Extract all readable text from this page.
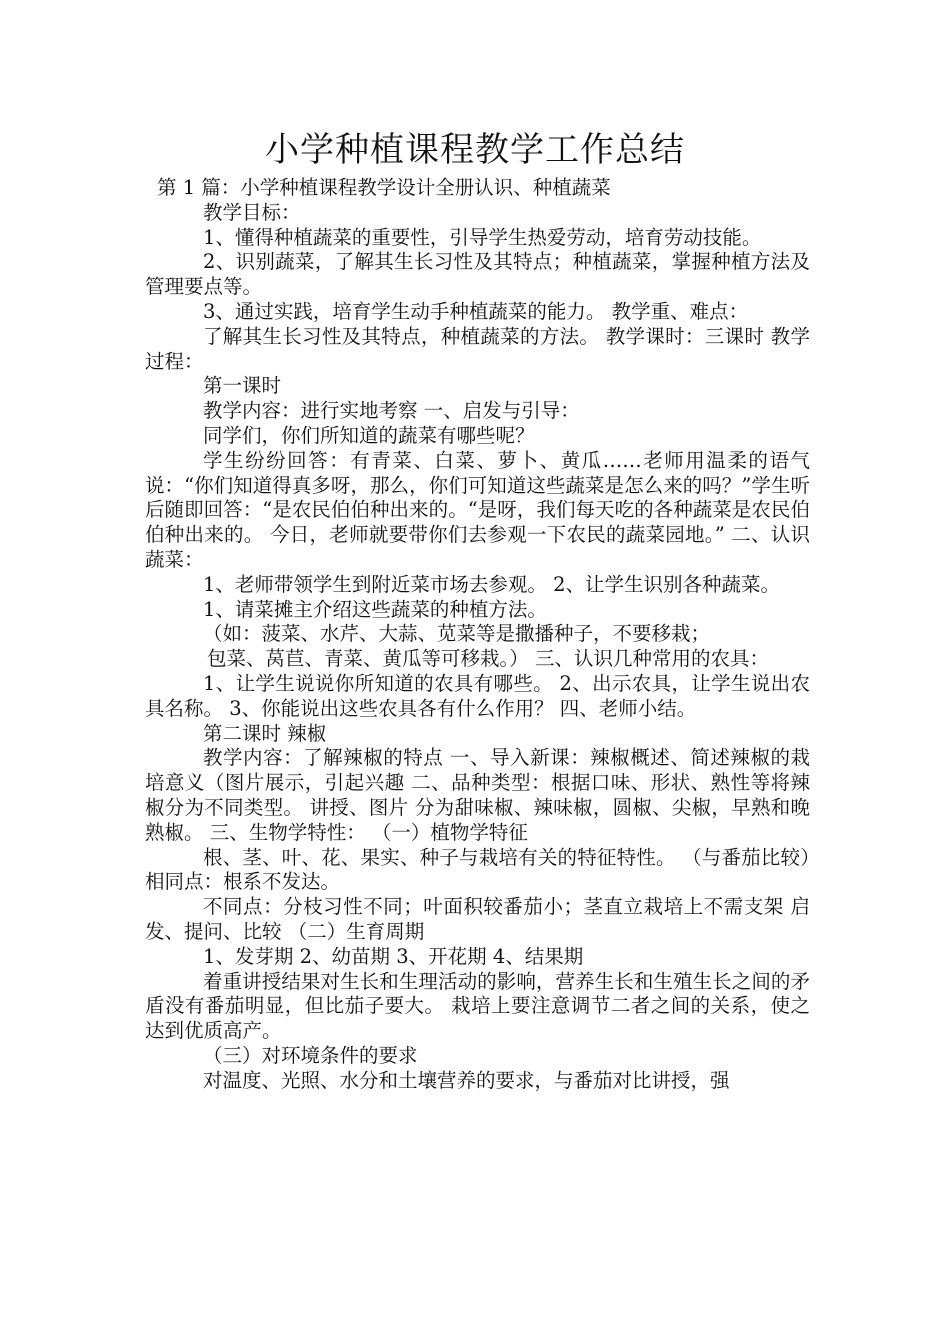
小学种植课程教学工作总结

第 1 篇：小学种植课程教学设计全册认识、种植蔬菜

教学目标：

1、懂得种植蔬菜的重要性，引导学生热爱劳动，培育劳动技能。

2、识别蔬菜，了解其生长习性及其特点；种植蔬菜，掌握种植方法及管理要点等。

3、通过实践，培育学生动手种植蔬菜的能力。 教学重、难点：

了解其生长习性及其特点，种植蔬菜的方法。 教学课时：三课时 教学过程：

第一课时

教学内容：进行实地考察 一、启发与引导：

同学们，你们所知道的蔬菜有哪些呢？

学生纷纷回答：有青菜、白菜、萝卜、黄瓜……老师用温柔的语气说：“你们知道得真多呀，那么，你们可知道这些蔬菜是怎么来的吗？”学生听后随即回答：“是农民伯伯种出来的。“是呀，我们每天吃的各种蔬菜是农民伯伯种出来的。 今日，老师就要带你们去参观一下农民的蔬菜园地。” 二、认识蔬菜：

1、老师带领学生到附近菜市场去参观。 2、让学生识别各种蔬菜。

1、请菜摊主介绍这些蔬菜的种植方法。

（如：菠菜、水芹、大蒜、苋菜等是撒播种子，不要移栽；

包菜、莴苣、青菜、黄瓜等可移栽。） 三、认识几种常用的农具：

1、让学生说说你所知道的农具有哪些。 2、出示农具，让学生说出农具名称。 3、你能说出这些农具各有什么作用？ 四、老师小结。

第二课时 辣椒

教学内容：了解辣椒的特点 一、导入新课：辣椒概述、简述辣椒的栽培意义（图片展示，引起兴趣 二、品种类型：根据口味、形状、熟性等将辣椒分为不同类型。 讲授、图片 分为甜味椒、辣味椒，圆椒、尖椒，早熟和晚熟椒。 三、生物学特性： （一）植物学特征

根、茎、叶、花、果实、种子与栽培有关的特征特性。 （与番茄比较）相同点：根系不发达。

不同点：分枝习性不同；叶面积较番茄小；茎直立栽培上不需支架 启发、提问、比较 （二）生育周期

1、发芽期 2、幼苗期 3、开花期 4、结果期

着重讲授结果对生长和生理活动的影响，营养生长和生殖生长之间的矛盾没有番茄明显，但比茄子要大。 栽培上要注意调节二者之间的关系，使之达到优质高产。

（三）对环境条件的要求

对温度、光照、水分和土壤营养的要求，与番茄对比讲授，强
